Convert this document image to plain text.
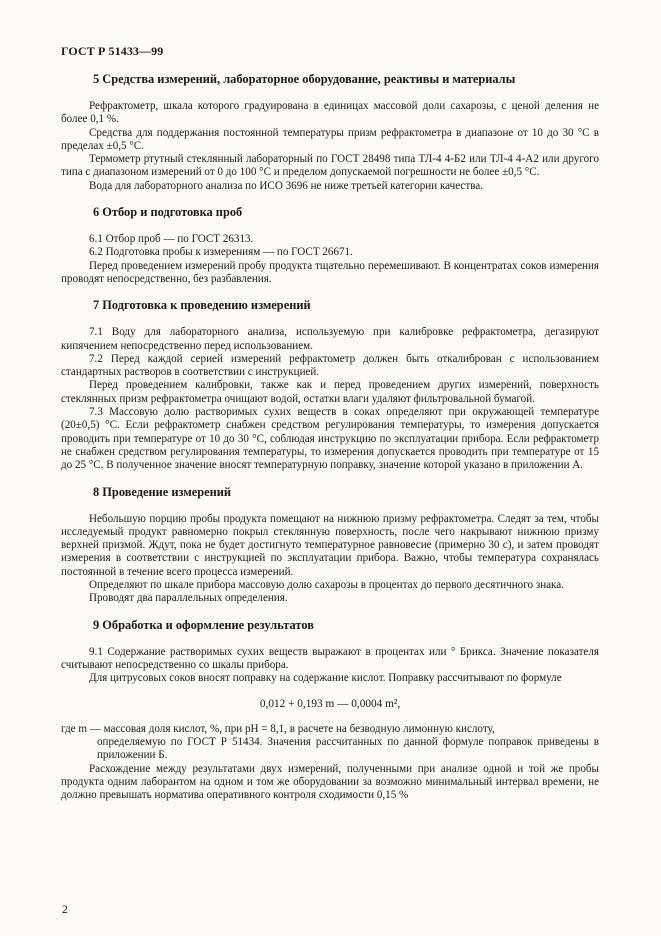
ГОСТ Р 51433—99
5 Средства измерений, лабораторное оборудование, реактивы и материалы

Рефрактометр, шкала которого градуирована в единицах массовой доли сахарозы, с ценой деления не более 0,1 %.

Средства для поддержания постоянной температуры призм рефрактометра в диапазоне от 10 до 30 °С в пределах ±0,5 °С.

Термометр ртутный стеклянный лабораторный по ГОСТ 28498 типа ТЛ-4 4-Б2 или ТЛ-4 4-А2 или другого типа с диапазоном измерений от 0 до 100 °С и пределом допускаемой погрешности не более ±0,5 °С.

Вода для лабораторного анализа по ИСО 3696 не ниже третьей категории качества.

6 Отбор и подготовка проб

6.1 Отбор проб — по ГОСТ 26313.

6.2 Подготовка пробы к измерениям — по ГОСТ 26671.

Перед проведением измерений пробу продукта тщательно перемешивают. В концентратах соков измерения проводят непосредственно, без разбавления.

7 Подготовка к проведению измерений

7.1 Воду для лабораторного анализа, используемую при калибровке рефрактометра, дегазируют кипячением непосредственно перед использованием.

7.2 Перед каждой серией измерений рефрактометр должен быть откалиброван с использованием стандартных растворов в соответствии с инструкцией.

Перед проведением калибровки, также как и перед проведением других измерений, поверхность стеклянных призм рефрактометра очищают водой, остатки влаги удаляют фильтровальной бумагой.

7.3 Массовую долю растворимых сухих веществ в соках определяют при окружающей температуре (20±0,5) °С. Если рефрактометр снабжен средством регулирования температуры, то измерения допускается проводить при температуре от 10 до 30 °С, соблюдая инструкцию по эксплуатации прибора. Если рефрактометр не снабжен средством регулирования температуры, то измерения допускается проводить при температуре от 15 до 25 °С. В полученное значение вносят температурную поправку, значение которой указано в приложении А.

8 Проведение измерений

Небольшую порцию пробы продукта помещают на нижнюю призму рефрактометра. Следят за тем, чтобы исследуемый продукт равномерно покрыл стеклянную поверхность, после чего накрывают нижнюю призму верхней призмой. Ждут, пока не будет достигнуто температурное равновесие (примерно 30 с), и затем проводят измерения в соответствии с инструкцией по эксплуатации прибора. Важно, чтобы температура сохранялась постоянной в течение всего процесса измерений.

Определяют по шкале прибора массовую долю сахарозы в процентах до первого десятичного знака.

Проводят два параллельных определения.

9 Обработка и оформление результатов

9.1 Содержание растворимых сухих веществ выражают в процентах или ° Брикса. Значение показателя считывают непосредственно со шкалы прибора.

Для цитрусовых соков вносят поправку на содержание кислот. Поправку рассчитывают по формуле

0,012 + 0,193 m — 0,0004 m²,

где m — массовая доля кислот, %, при pH = 8,1, в расчете на безводную лимонную кислоту,

определяемую по ГОСТ Р 51434. Значения рассчитанных по данной формуле поправок приведены в приложении Б.

Расхождение между результатами двух измерений, полученными при анализе одной и той же пробы продукта одним лаборантом на одном и том же оборудовании за возможно минимальный интервал времени, не должно превышать норматива оперативного контроля сходимости 0,15 %

2
